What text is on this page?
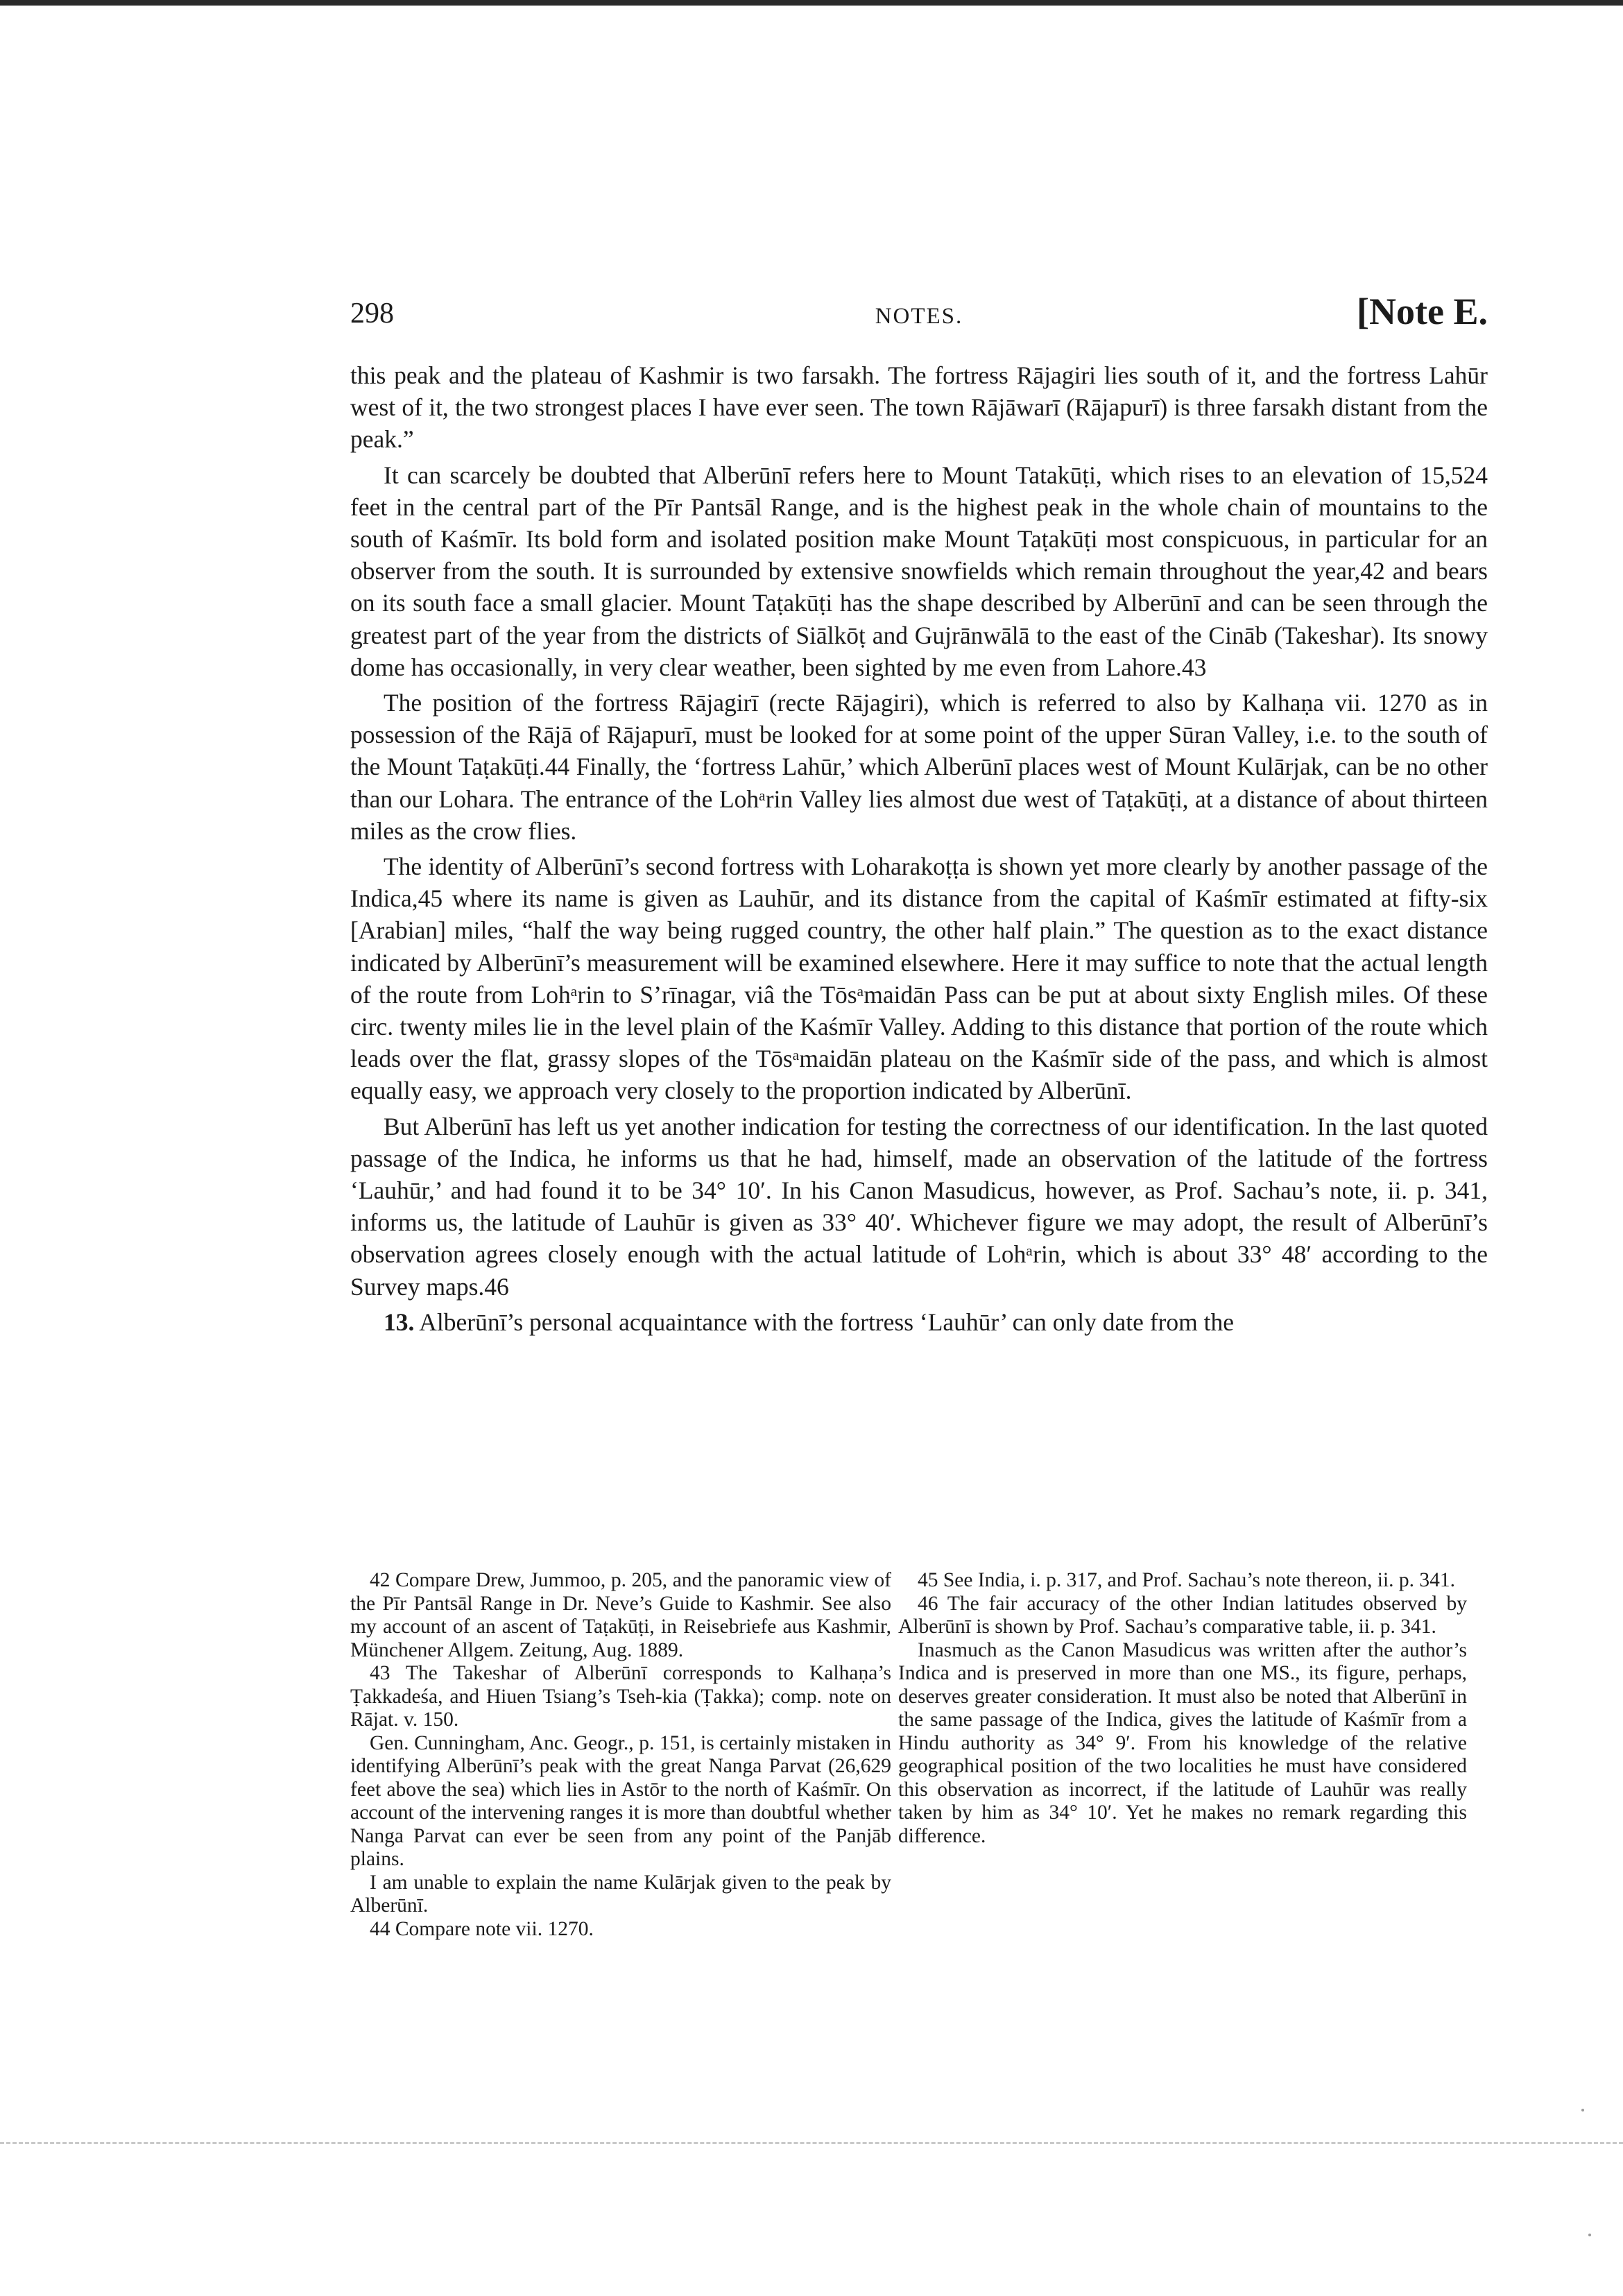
298	NOTES.	[Note E.

this peak and the plateau of Kashmir is two farsakh. The fortress Rājagiri lies south of it, and the fortress Lahūr west of it, the two strongest places I have ever seen. The town Rājāwarī (Rājapurī) is three farsakh distant from the peak.”

It can scarcely be doubted that Alberūnī refers here to Mount Tatakūṭi, which rises to an elevation of 15,524 feet in the central part of the Pīr Pantsāl Range, and is the highest peak in the whole chain of mountains to the south of Kaśmīr. Its bold form and isolated position make Mount Taṭakūṭi most conspicuous, in particular for an observer from the south. It is surrounded by extensive snowfields which remain throughout the year,42 and bears on its south face a small glacier. Mount Taṭakūṭi has the shape described by Alberūnī and can be seen through the greatest part of the year from the districts of Siālkōṭ and Gujrānwālā to the east of the Cināb (Takeshar). Its snowy dome has occasionally, in very clear weather, been sighted by me even from Lahore.43

The position of the fortress Rājagirī (recte Rājagiri), which is referred to also by Kalhaṇa vii. 1270 as in possession of the Rājā of Rājapurī, must be looked for at some point of the upper Sūran Valley, i.e. to the south of the Mount Taṭakūṭi.44 Finally, the ‘fortress Lahūr,’ which Alberūnī places west of Mount Kulārjak, can be no other than our Lohara. The entrance of the Lohᵃrin Valley lies almost due west of Taṭakūṭi, at a distance of about thirteen miles as the crow flies.

The identity of Alberūnī’s second fortress with Loharakoṭṭa is shown yet more clearly by another passage of the Indica,45 where its name is given as Lauhūr, and its distance from the capital of Kaśmīr estimated at fifty-six [Arabian] miles, “half the way being rugged country, the other half plain.” The question as to the exact distance indicated by Alberūnī’s measurement will be examined elsewhere. Here it may suffice to note that the actual length of the route from Lohᵃrin to S’rīnagar, viâ the Tōsᵃmaidān Pass can be put at about sixty English miles. Of these circ. twenty miles lie in the level plain of the Kaśmīr Valley. Adding to this distance that portion of the route which leads over the flat, grassy slopes of the Tōsᵃmaidān plateau on the Kaśmīr side of the pass, and which is almost equally easy, we approach very closely to the proportion indicated by Alberūnī.

But Alberūnī has left us yet another indication for testing the correctness of our identification. In the last quoted passage of the Indica, he informs us that he had, himself, made an observation of the latitude of the fortress ‘Lauhūr,’ and had found it to be 34° 10′. In his Canon Masudicus, however, as Prof. Sachau’s note, ii. p. 341, informs us, the latitude of Lauhūr is given as 33° 40′. Whichever figure we may adopt, the result of Alberūnī’s observation agrees closely enough with the actual latitude of Lohᵃrin, which is about 33° 48′ according to the Survey maps.46

13. Alberūnī’s personal acquaintance with the fortress ‘Lauhūr’ can only date from the

42 Compare Drew, Jummoo, p. 205, and the panoramic view of the Pīr Pantsāl Range in Dr. Neve’s Guide to Kashmir. See also my account of an ascent of Taṭakūṭi, in Reisebriefe aus Kashmir, Münchener Allgem. Zeitung, Aug. 1889.

43 The Takeshar of Alberūnī corresponds to Kalhaṇa’s Ṭakkadeśa, and Hiuen Tsiang’s Tseh-kia (Ṭakka); comp. note on Rājat. v. 150.

Gen. Cunningham, Anc. Geogr., p. 151, is certainly mistaken in identifying Alberūnī’s peak with the great Nanga Parvat (26,629 feet above the sea) which lies in Astōr to the north of Kaśmīr. On account of the intervening ranges it is more than doubtful whether Nanga Parvat can ever be seen from any point of the Panjāb plains.

I am unable to explain the name Kulārjak given to the peak by Alberūnī.

44 Compare note vii. 1270.

45 See India, i. p. 317, and Prof. Sachau’s note thereon, ii. p. 341.

46 The fair accuracy of the other Indian latitudes observed by Alberūnī is shown by Prof. Sachau’s comparative table, ii. p. 341.

Inasmuch as the Canon Masudicus was written after the author’s Indica and is preserved in more than one MS., its figure, perhaps, deserves greater consideration. It must also be noted that Alberūnī in the same passage of the Indica, gives the latitude of Kaśmīr from a Hindu authority as 34° 9′. From his knowledge of the relative geographical position of the two localities he must have considered this observation as incorrect, if the latitude of Lauhūr was really taken by him as 34° 10′. Yet he makes no remark regarding this difference.
